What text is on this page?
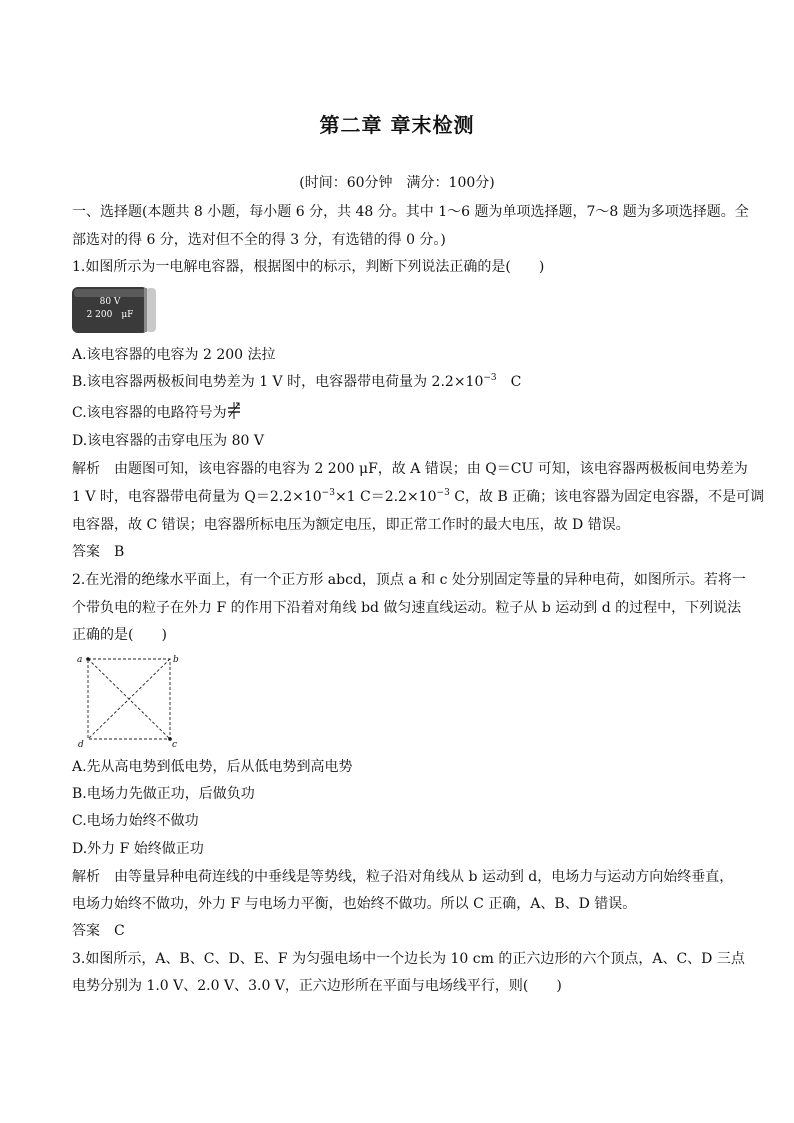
第二章 章末检测
(时间：60分钟　满分：100分)
一、选择题(本题共 8 小题，每小题 6 分，共 48 分。其中 1～6 题为单项选择题，7～8 题为多项选择题。全
部选对的得 6 分，选对但不全的得 3 分，有选错的得 0 分。)
1.如图所示为一电解电容器，根据图中的标示，判断下列说法正确的是(　　)
80 V
2 200　μF
A.该电容器的电容为 2 200 法拉
B.该电容器两极板间电势差为 1 V 时，电容器带电荷量为 $2.2\times 10^{-3}$ C
C.该电容器的电路符号为
D.该电容器的击穿电压为 80 V
解析 由题图可知，该电容器的电容为 2 200 μF，故 A 错误；由 Q＝CU 可知，该电容器两极板间电势差为
1 V 时，电容器带电荷量为 $Q=2.2\times 10^{-3}\times 1$ $C=2.2\times 10^{-3}$ C，故 B 正确；该电容器为固定电容器，不是可调
电容器，故 C 错误；电容器所标电压为额定电压，即正常工作时的最大电压，故 D 错误。
答案 B
2.在光滑的绝缘水平面上，有一个正方形 abcd，顶点 a 和 c 处分别固定等量的异种电荷，如图所示。若将一
个带负电的粒子在外力 F 的作用下沿着对角线 bd 做匀速直线运动。粒子从 b 运动到 d 的过程中，下列说法
正确的是(　　)
a	b
c
d
A.先从高电势到低电势，后从低电势到高电势
B.电场力先做正功，后做负功
C.电场力始终不做功
D.外力 F 始终做正功
解析 由等量异种电荷连线的中垂线是等势线，粒子沿对角线从 b 运动到 d，电场力与运动方向始终垂直，
电场力始终不做功，外力 F 与电场力平衡，也始终不做功。所以 C 正确，A、B、D 错误。
答案 C
3.如图所示，A、B、C、D、E、F 为匀强电场中一个边长为 10 cm 的正六边形的六个顶点，A、C、D 三点
电势分别为 1.0 V、2.0 V、3.0 V，正六边形所在平面与电场线平行，则(　　)
